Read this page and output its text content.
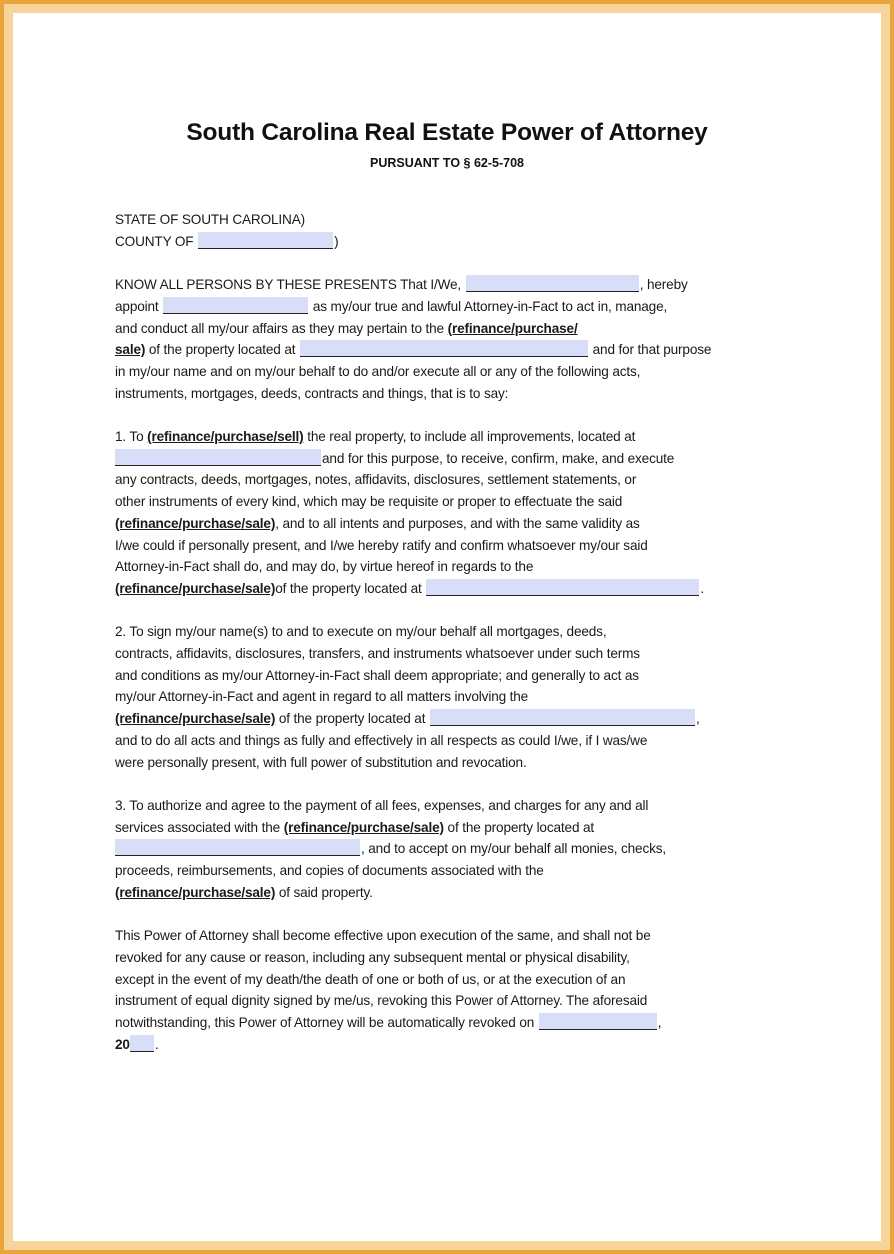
South Carolina Real Estate Power of Attorney
PURSUANT TO § 62-5-708

STATE OF SOUTH CAROLINA)

COUNTY OF	)

KNOW ALL PERSONS BY THESE PRESENTS That I/We,	, hereby

appoint	as my/our true and lawful Attorney-in-Fact to act in, manage,

and conduct all my/our affairs as they may pertain to the (refinance/purchase/

sale) of the property located at	and for that purpose

in my/our name and on my/our behalf to do and/or execute all or any of the following acts,

instruments, mortgages, deeds, contracts and things, that is to say:

1. To (refinance/purchase/sell) the real property, to include all improvements, located at

and for this purpose, to receive, confirm, make, and execute

any contracts, deeds, mortgages, notes, affidavits, disclosures, settlement statements, or

other instruments of every kind, which may be requisite or proper to effectuate the said

(refinance/purchase/sale), and to all intents and purposes, and with the same validity as

I/we could if personally present, and I/we hereby ratify and confirm whatsoever my/our said

Attorney-in-Fact shall do, and may do, by virtue hereof in regards to the

(refinance/purchase/sale)of the property located at	.

2. To sign my/our name(s) to and to execute on my/our behalf all mortgages, deeds,

contracts, affidavits, disclosures, transfers, and instruments whatsoever under such terms

and conditions as my/our Attorney-in-Fact shall deem appropriate; and generally to act as

my/our Attorney-in-Fact and agent in regard to all matters involving the

(refinance/purchase/sale) of the property located at	,

and to do all acts and things as fully and effectively in all respects as could I/we, if I was/we

were personally present, with full power of substitution and revocation.

3. To authorize and agree to the payment of all fees, expenses, and charges for any and all

services associated with the (refinance/purchase/sale) of the property located at

, and to accept on my/our behalf all monies, checks,

proceeds, reimbursements, and copies of documents associated with the

(refinance/purchase/sale) of said property.

This Power of Attorney shall become effective upon execution of the same, and shall not be

revoked for any cause or reason, including any subsequent mental or physical disability,

except in the event of my death/the death of one or both of us, or at the execution of an

instrument of equal dignity signed by me/us, revoking this Power of Attorney. The aforesaid

notwithstanding, this Power of Attorney will be automatically revoked on	,

20 .
